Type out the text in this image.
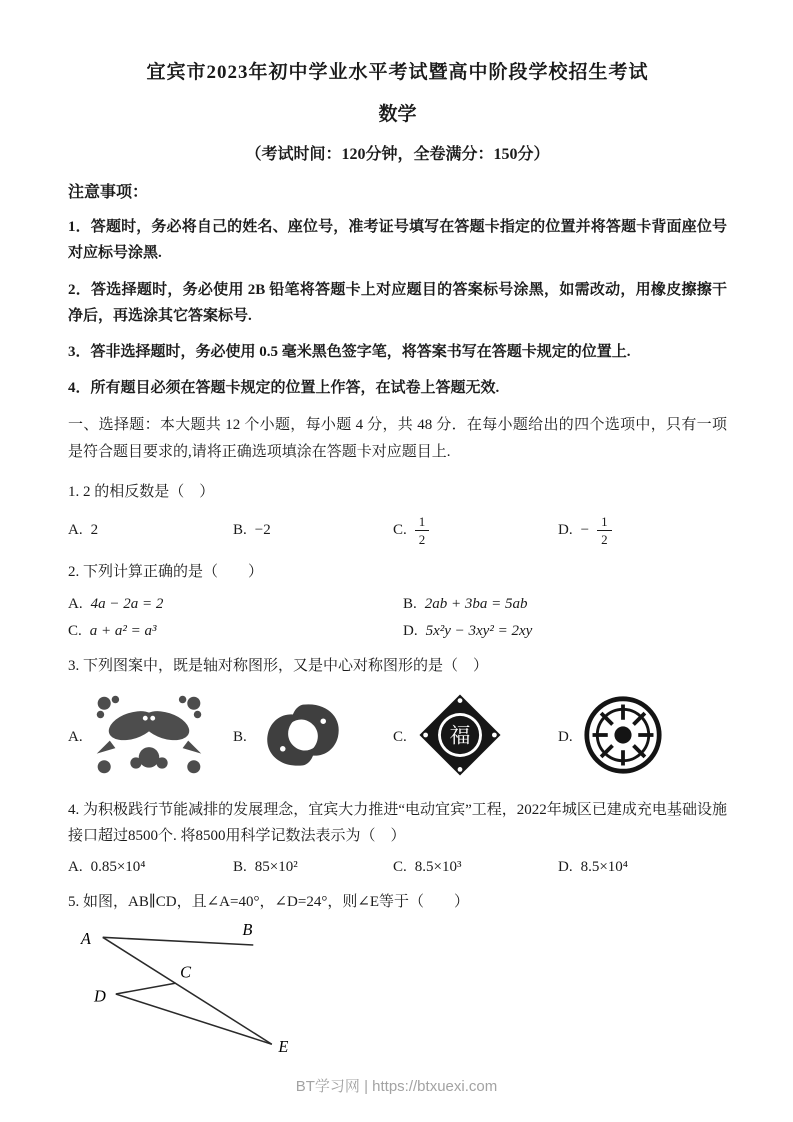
宜宾市2023年初中学业水平考试暨高中阶段学校招生考试
数学
（考试时间：120分钟，全卷满分：150分）
注意事项：

1．答题时，务必将自己的姓名、座位号，准考证号填写在答题卡指定的位置并将答题卡背面座位号对应标号涂黑.

2．答选择题时，务必使用 2B 铅笔将答题卡上对应题目的答案标号涂黑，如需改动，用橡皮擦擦干净后，再选涂其它答案标号.

3．答非选择题时，务必使用 0.5 毫米黑色签字笔，将答案书写在答题卡规定的位置上.

4．所有题目必须在答题卡规定的位置上作答，在试卷上答题无效.

一、选择题：本大题共 12 个小题，每小题 4 分，共 48 分．在每小题给出的四个选项中，只有一项是符合题目要求的,请将正确选项填涂在答题卡对应题目上.

1. 2 的相反数是（　）

A. 2	B. −2	C. $\frac{1}{2}$	D. − $\frac{1}{2}$

2. 下列计算正确的是（　　）

A. 4a − 2a = 2	B. 2ab + 3ba = 5ab
C. a + a² = a³	D. 5x²y − 3xy² = 2xy

3. 下列图案中，既是轴对称图形，又是中心对称图形的是（　）

A.	B.	C. 福	D.

4. 为积极践行节能减排的发展理念，宜宾大力推进“电动宜宾”工程，2022年城区已建成充电基础设施接口超过8500个. 将8500用科学记数法表示为（　）

A. 0.85×10⁴	B. 85×10²	C. 8.5×10³	D. 8.5×10⁴

5. 如图，AB∥CD，且∠A=40°，∠D=24°，则∠E等于（　　）

A	B
C
D
E
BT学习网 | https://btxuexi.com
